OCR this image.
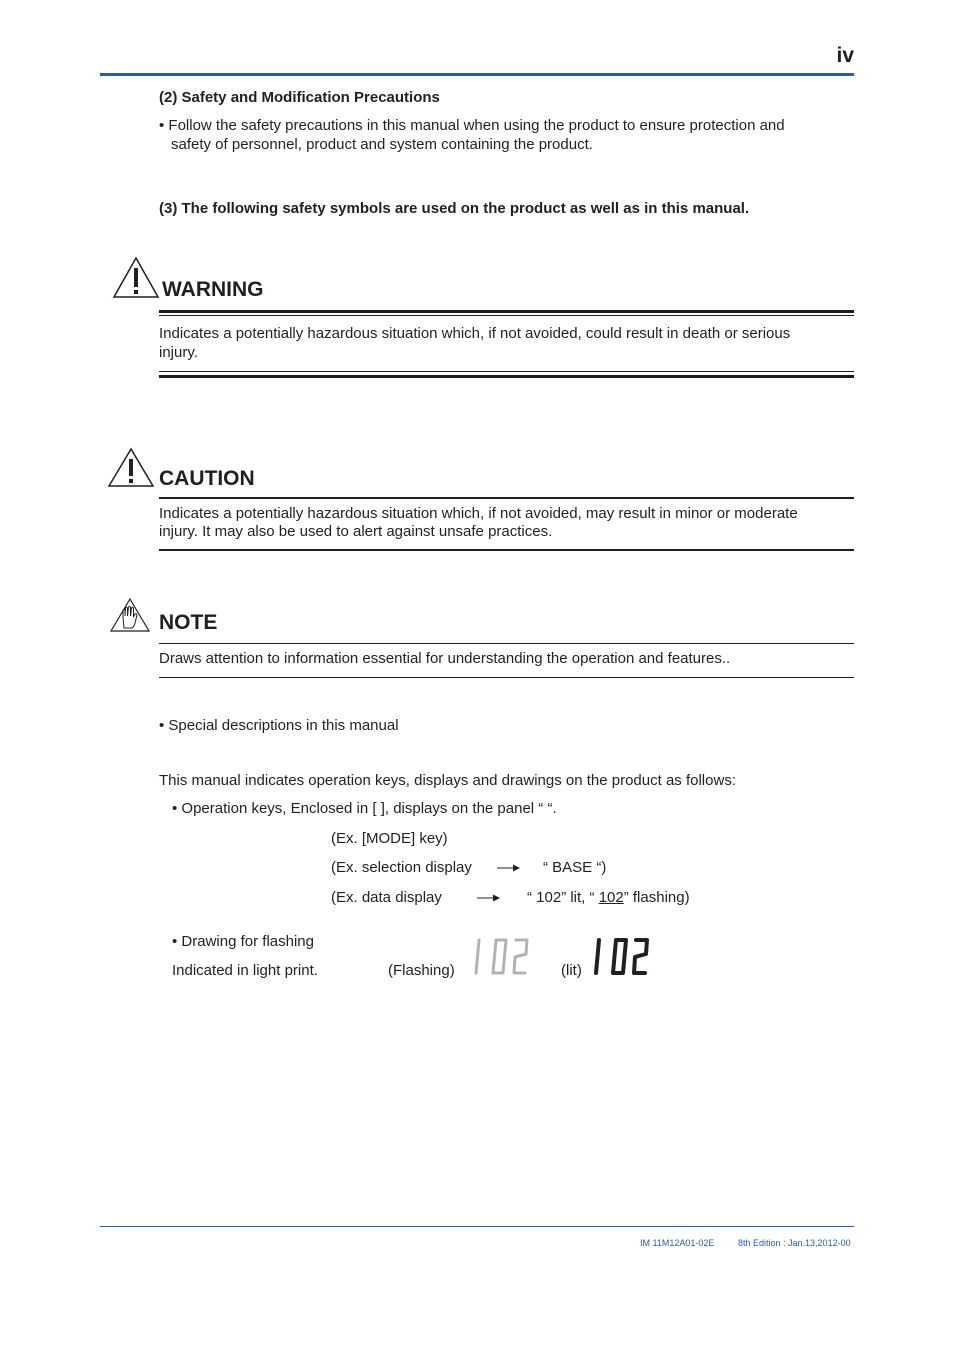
iv
(2) Safety and Modification Precautions
• Follow the safety precautions in this manual when using the product to ensure protection and
safety of personnel, product and system containing the product.
(3) The following safety symbols are used on the product as well as in this manual.
WARNING
Indicates a potentially hazardous situation which, if not avoided, could result in death or serious
injury.
CAUTION
Indicates a potentially hazardous situation which, if not avoided, may result in minor or moderate
injury. It may also be used to alert against unsafe practices.
NOTE
Draws attention to information essential for understanding the operation and features..
• Special descriptions in this manual
This manual indicates operation keys, displays and drawings on the product as follows:
• Operation keys, Enclosed in [ ], displays on the panel “ “.
(Ex. [MODE] key)
(Ex. selection display	“ BASE “)
(Ex. data display	“ 102” lit, “ 102” flashing)
• Drawing for flashing
Indicated in light print.	(Flashing)	(lit)
IM 11M12A01-02E	8th Edition : Jan.13,2012-00
